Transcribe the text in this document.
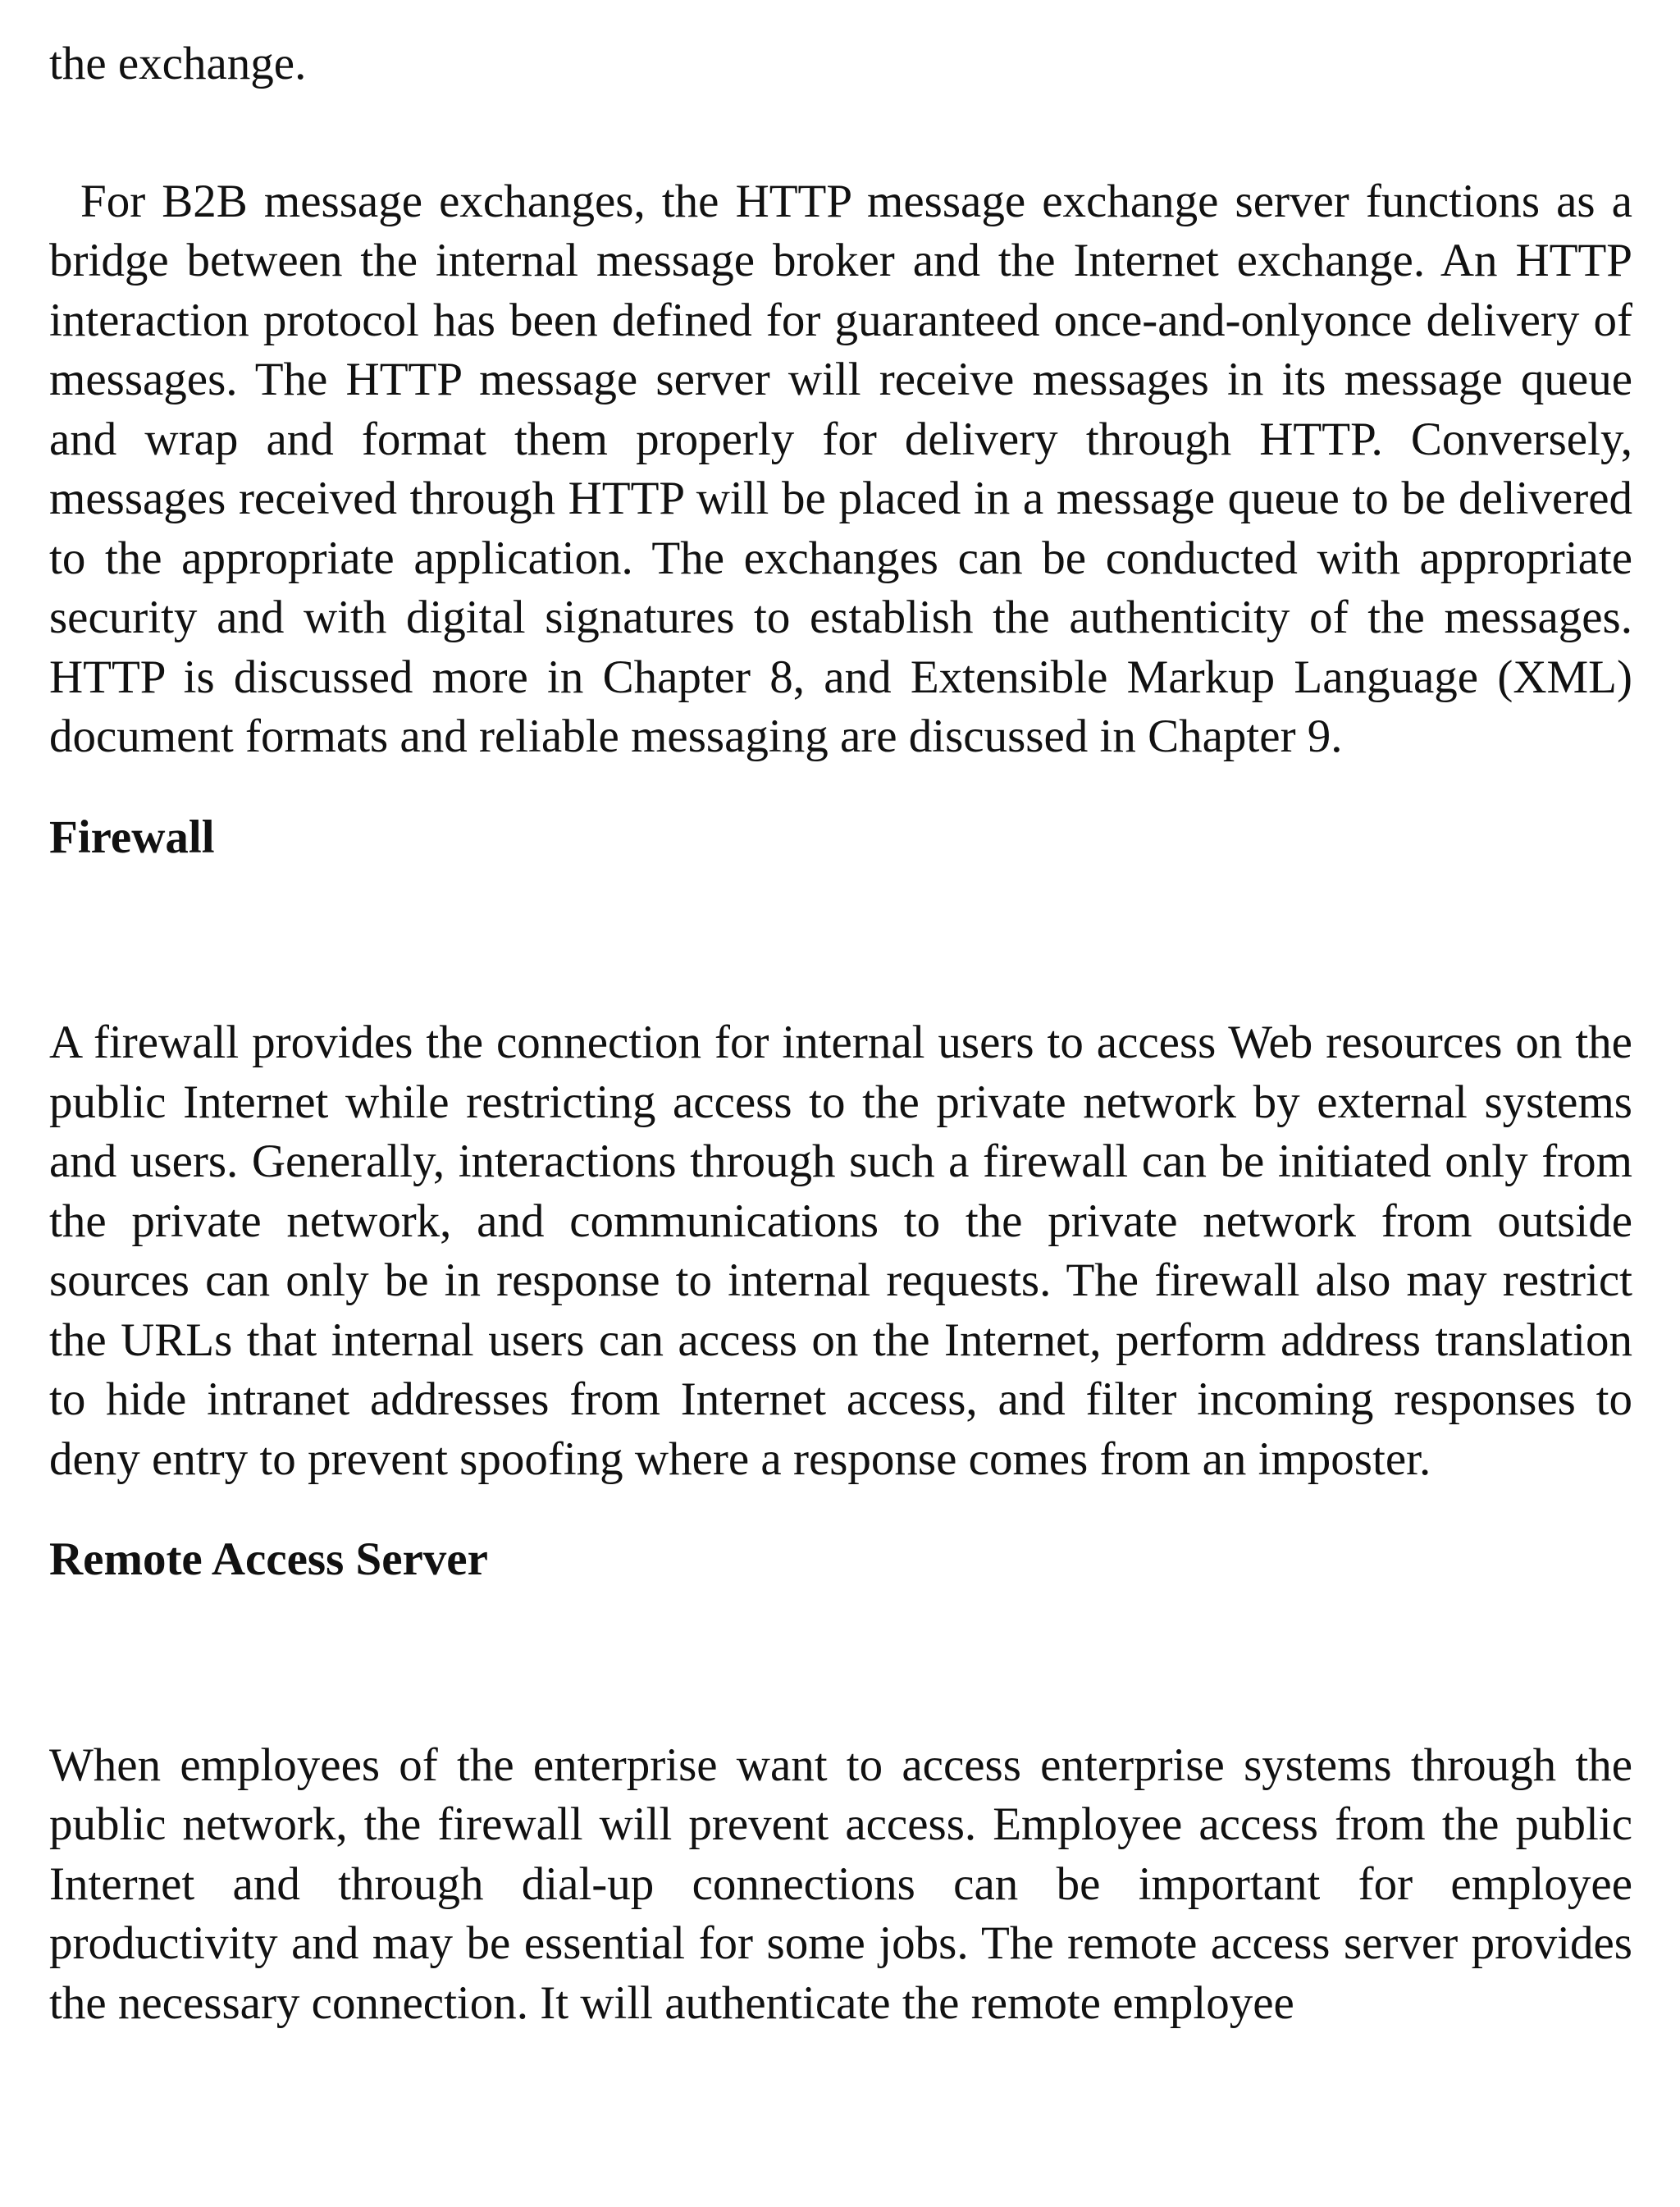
the exchange.

For B2B message exchanges, the HTTP message exchange server functions as a bridge between the internal message broker and the Internet exchange. An HTTP interaction protocol has been defined for guaranteed once-and-onlyonce delivery of messages. The HTTP message server will receive messages in its message queue and wrap and format them properly for delivery through HTTP. Conversely, messages received through HTTP will be placed in a message queue to be delivered to the appropriate application. The exchanges can be conducted with appropriate security and with digital signatures to establish the authenticity of the messages. HTTP is discussed more in Chapter 8, and Extensible Markup Language (XML) document formats and reliable messaging are discussed in Chapter 9.

Firewall

A firewall provides the connection for internal users to access Web resources on the public Internet while restricting access to the private network by external systems and users. Generally, interactions through such a firewall can be initiated only from the private network, and communications to the private network from outside sources can only be in response to internal requests. The firewall also may restrict the URLs that internal users can access on the Internet, perform address translation to hide intranet addresses from Internet access, and filter incoming responses to deny entry to prevent spoofing where a response comes from an imposter.

Remote Access Server

When employees of the enterprise want to access enterprise systems through the public network, the firewall will prevent access. Employee access from the public Internet and through dial-up connections can be important for employee productivity and may be essential for some jobs. The remote access server provides the necessary connection. It will authenticate the remote employee
